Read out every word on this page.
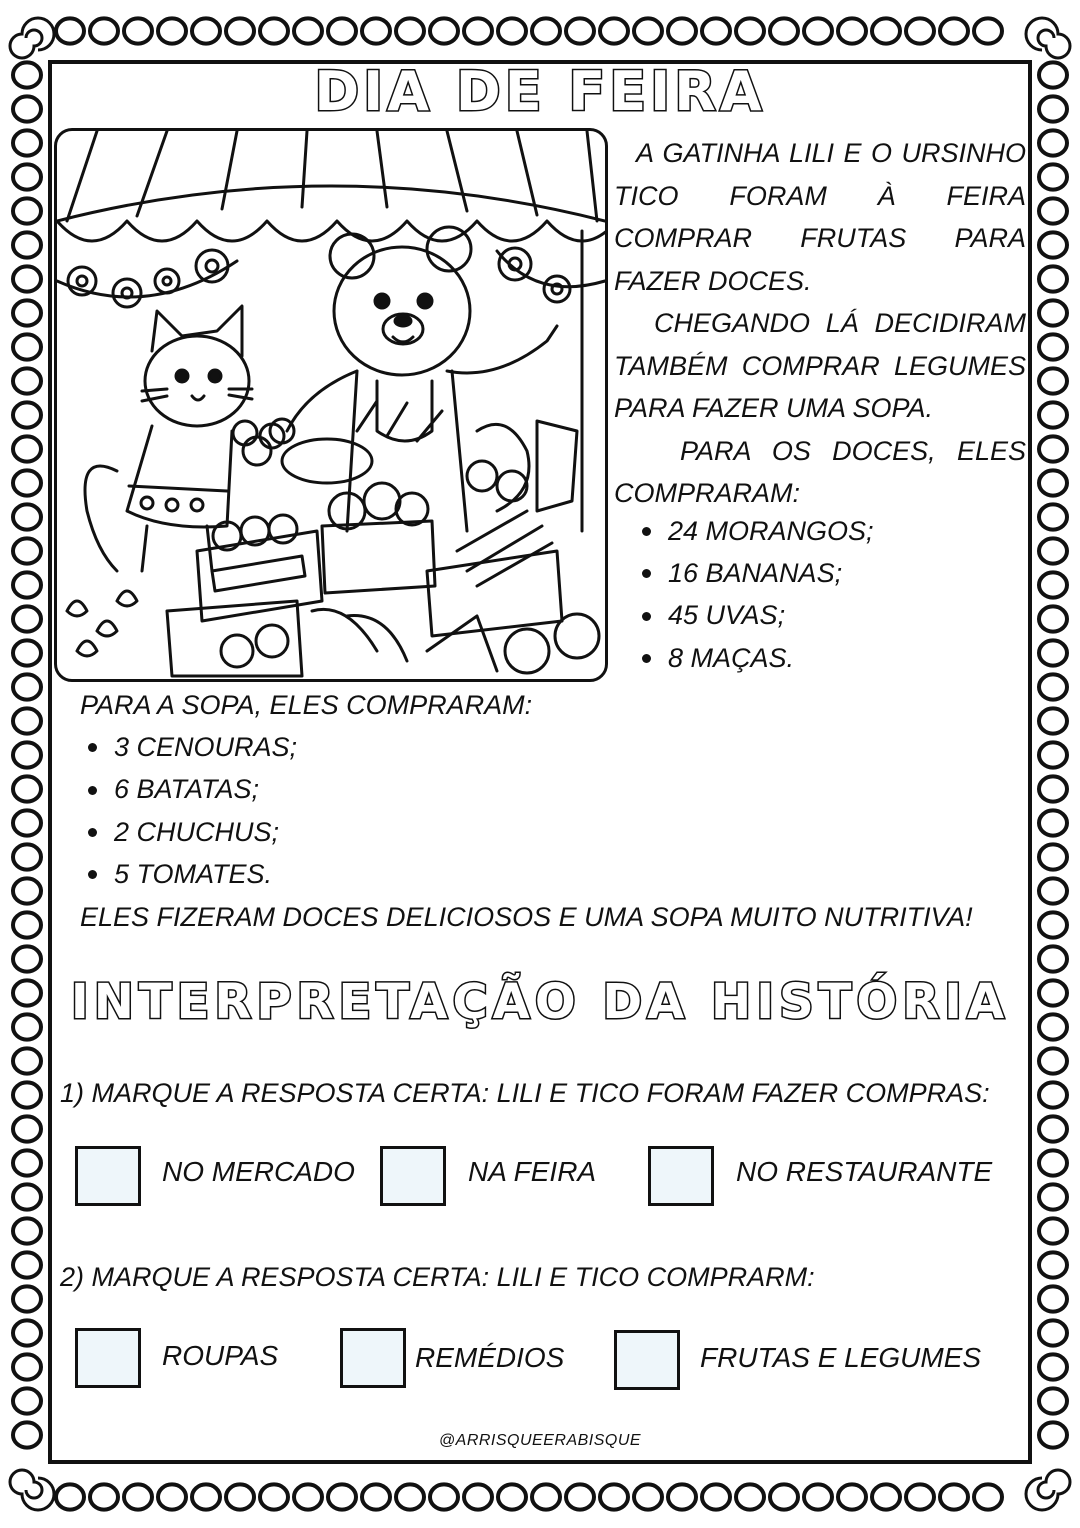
DIA DE FEIRA

A GATINHA LILI E O URSINHO TICO FORAM À FEIRA COMPRAR FRUTAS PARA FAZER DOCES.

CHEGANDO LÁ DECIDIRAM TAMBÉM COMPRAR LEGUMES PARA FAZER UMA SOPA.

PARA OS DOCES, ELES COMPRARAM:

24 MORANGOS;
16 BANANAS;
45 UVAS;
8 MAÇAS.
PARA A SOPA, ELES COMPRARAM:
3 CENOURAS;
6 BATATAS;
2 CHUCHUS;
5 TOMATES.
ELES FIZERAM DOCES DELICIOSOS E UMA SOPA MUITO NUTRITIVA!
INTERPRETAÇÃO DA HISTÓRIA
1) MARQUE A RESPOSTA CERTA: LILI E TICO FORAM FAZER COMPRAS:
NO MERCADO	NA FEIRA	NO RESTAURANTE
2) MARQUE A RESPOSTA CERTA: LILI E TICO COMPRARM:
ROUPAS	REMÉDIOS	FRUTAS E LEGUMES
@ARRISQUEERABISQUE
